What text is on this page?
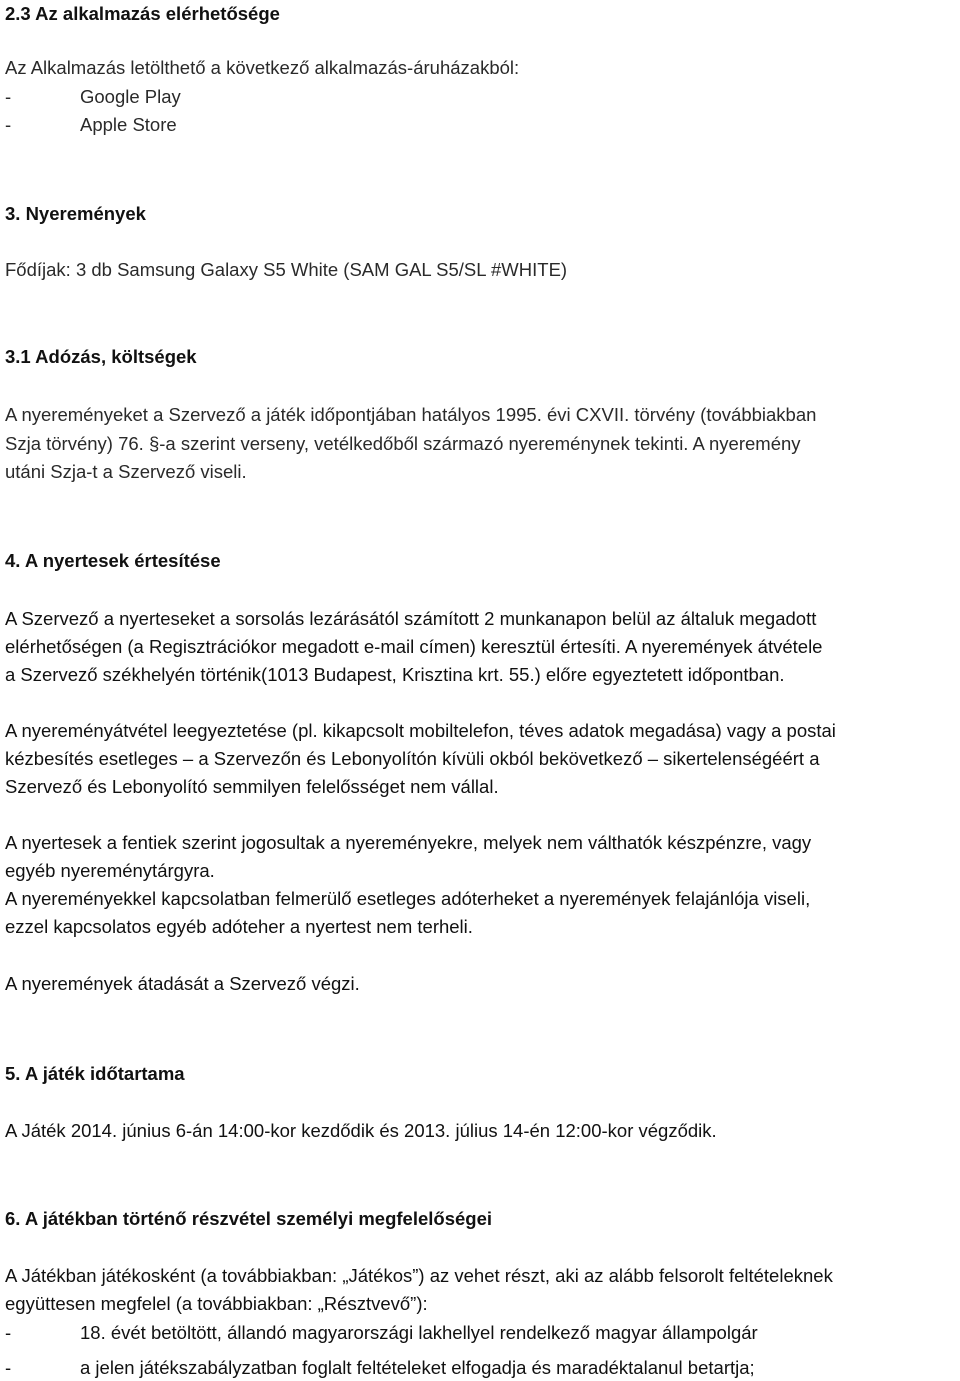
2.3 Az alkalmazás elérhetősége
Az Alkalmazás letölthető a következő alkalmazás-áruházakból:
-	Google Play
-	Apple Store
3. Nyeremények
Fődíjak: 3 db Samsung Galaxy S5 White (SAM GAL S5/SL #WHITE)
3.1 Adózás, költségek
A nyereményeket a Szervező a játék időpontjában hatályos 1995. évi CXVII. törvény (továbbiakban
Szja törvény) 76. §-a szerint verseny, vetélkedőből származó nyereménynek tekinti. A nyeremény
utáni Szja-t a Szervező viseli.
4. A nyertesek értesítése
A Szervező a nyerteseket a sorsolás lezárásától számított 2 munkanapon belül az általuk megadott
elérhetőségen (a Regisztrációkor megadott e-mail címen) keresztül értesíti. A nyeremények átvétele
a Szervező székhelyén történik(1013 Budapest, Krisztina krt. 55.) előre egyeztetett időpontban.
A nyereményátvétel leegyeztetése (pl. kikapcsolt mobiltelefon, téves adatok megadása) vagy a postai
kézbesítés esetleges – a Szervezőn és Lebonyolítón kívüli okból bekövetkező – sikertelenségéért a
Szervező és Lebonyolító semmilyen felelősséget nem vállal.
A nyertesek a fentiek szerint jogosultak a nyereményekre, melyek nem válthatók készpénzre, vagy
egyéb nyereménytárgyra.
A nyereményekkel kapcsolatban felmerülő esetleges adóterheket a nyeremények felajánlója viseli,
ezzel kapcsolatos egyéb adóteher a nyertest nem terheli.
A nyeremények átadását a Szervező végzi.
5. A játék időtartama
A Játék 2014. június 6-án 14:00-kor kezdődik és 2013. július 14-én 12:00-kor végződik.
6. A játékban történő részvétel személyi megfelelőségei
A Játékban játékosként (a továbbiakban: „Játékos”) az vehet részt, aki az alább felsorolt feltételeknek
együttesen megfelel (a továbbiakban: „Résztvevő”):
-	18. évét betöltött, állandó magyarországi lakhellyel rendelkező magyar állampolgár
-	a jelen játékszabályzatban foglalt feltételeket elfogadja és maradéktalanul betartja;
